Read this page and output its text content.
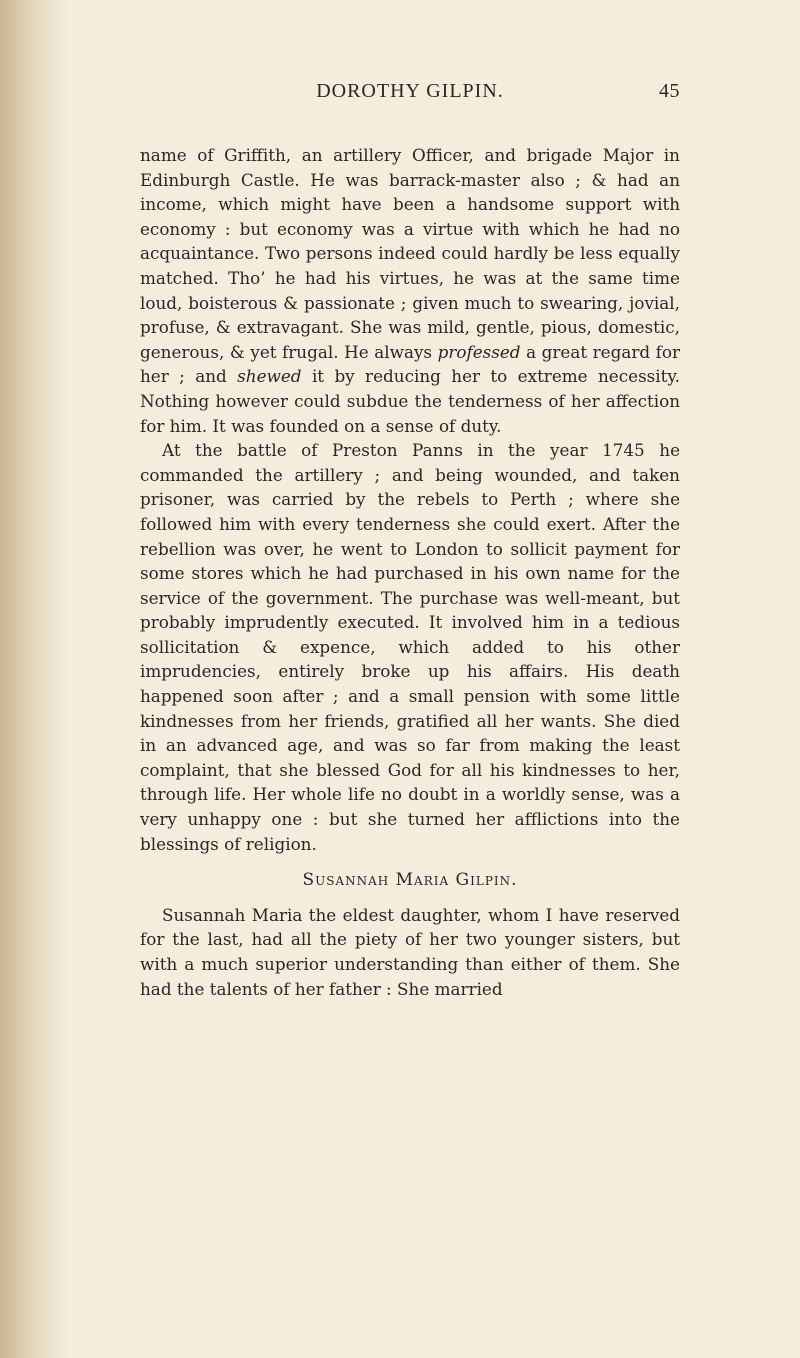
DOROTHY GILPIN.	45

name of Griffith, an artillery Officer, and brigade Major in Edinburgh Castle. He was barrack-master also ; & had an income, which might have been a handsome support with economy : but economy was a virtue with which he had no acquaintance. Two persons indeed could hardly be less equally matched. Tho’ he had his virtues, he was at the same time loud, boisterous & passionate ; given much to swearing, jovial, profuse, & extravagant. She was mild, gentle, pious, domestic, generous, & yet frugal. He always professed a great regard for her ; and shewed it by reducing her to extreme necessity. Nothing however could subdue the tenderness of her affection for him. It was founded on a sense of duty.

At the battle of Preston Panns in the year 1745 he commanded the artillery ; and being wounded, and taken prisoner, was carried by the rebels to Perth ; where she followed him with every tenderness she could exert. After the rebellion was over, he went to London to sollicit payment for some stores which he had purchased in his own name for the service of the government. The purchase was well-meant, but probably imprudently executed. It involved him in a tedious sollicitation & expence, which added to his other imprudencies, entirely broke up his affairs. His death happened soon after ; and a small pension with some little kindnesses from her friends, gratified all her wants. She died in an advanced age, and was so far from making the least complaint, that she blessed God for all his kindnesses to her, through life. Her whole life no doubt in a worldly sense, was a very unhappy one : but she turned her afflictions into the blessings of religion.

Susannah Maria Gilpin.

Susannah Maria the eldest daughter, whom I have reserved for the last, had all the piety of her two younger sisters, but with a much superior understanding than either of them. She had the talents of her father : She married
